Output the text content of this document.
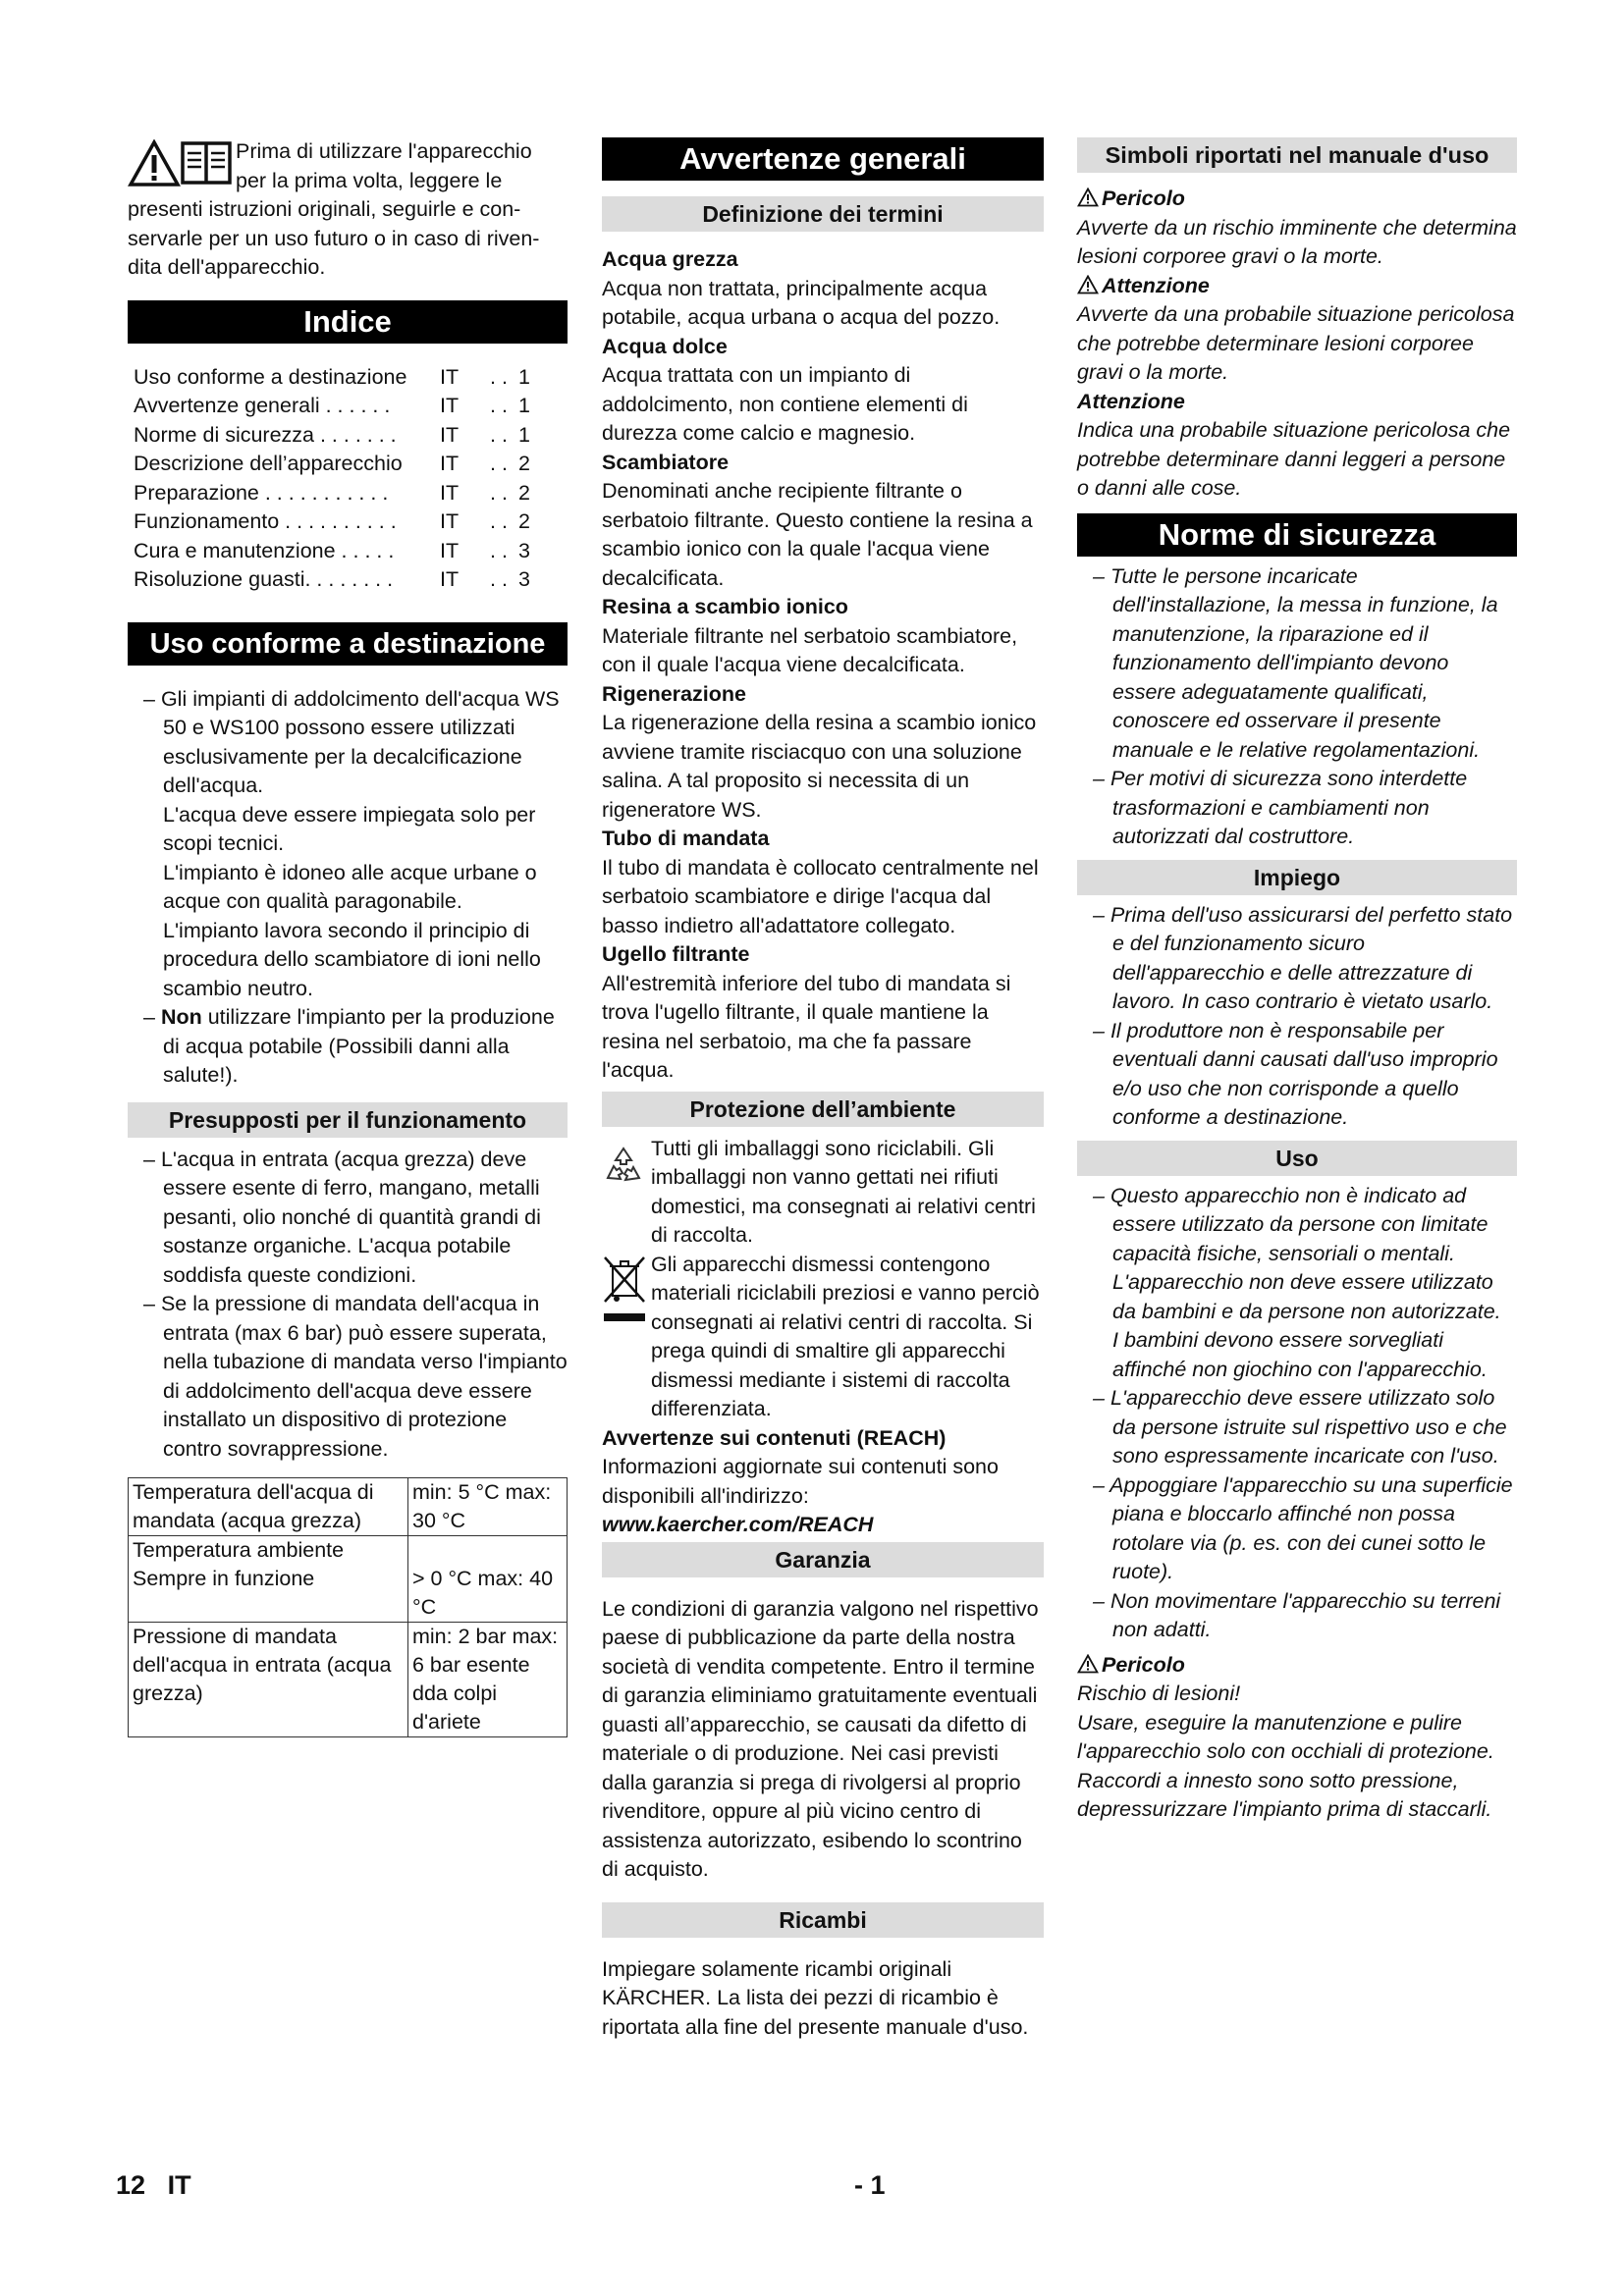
Prima di utilizzare l'apparecchio
per la prima volta, leggere le

presenti istruzioni originali, seguirle e con- servarle per un uso futuro o in caso di riven- dita dell'apparecchio.

Indice
Uso conforme a destinazione	IT	. . 1
Avvertenze generali . . . . . .	IT	. . 1
Norme di sicurezza . . . . . . .	IT	. . 1
Descrizione dell’apparecchio	IT	. . 2
Preparazione . . . . . . . . . . .	IT	. . 2
Funzionamento . . . . . . . . . .	IT	. . 2
Cura e manutenzione . . . . .	IT	. . 3
Risoluzione guasti. . . . . . . .	IT	. . 3
Uso conforme a destinazione

– Gli impianti di addolcimento dell'acqua WS 50 e WS100 possono essere utilizzati esclusivamente per la decalcificazione dell'acqua.

L'acqua deve essere impiegata solo per scopi tecnici.

L'impianto è idoneo alle acque urbane o acque con qualità paragonabile.

L'impianto lavora secondo il principio di procedura dello scambiatore di ioni nello scambio neutro.

– Non utilizzare l'impianto per la produzione di acqua potabile (Possibili danni alla salute!).

Presupposti per il funzionamento

– L'acqua in entrata (acqua grezza) deve essere esente di ferro, mangano, metalli pesanti, olio nonché di quantità grandi di sostanze organiche. L'acqua potabile soddisfa queste condizioni.

– Se la pressione di mandata dell'acqua in entrata (max 6 bar) può essere superata, nella tubazione di mandata verso l'impianto di addolcimento dell'acqua deve essere installato un dispositivo di protezione contro sovrappressione.

Temperatura dell'acqua di mandata (acqua grezza)	min: 5 °C max: 30 °C
Temperatura ambiente Sempre in funzione	> 0 °C max: 40 °C
Pressione di mandata dell'acqua in entrata (acqua grezza)	min: 2 bar max: 6 bar esente dda colpi d'ariete
Avvertenze generali
Definizione dei termini

Acqua grezza

Acqua non trattata, principalmente acqua potabile, acqua urbana o acqua del pozzo.

Acqua dolce

Acqua trattata con un impianto di addolcimento, non contiene elementi di durezza come calcio e magnesio.

Scambiatore

Denominati anche recipiente filtrante o serbatoio filtrante. Questo contiene la resina a scambio ionico con la quale l'acqua viene decalcificata.

Resina a scambio ionico

Materiale filtrante nel serbatoio scambiatore, con il quale l'acqua viene decalcificata.

Rigenerazione

La rigenerazione della resina a scambio ionico avviene tramite risciacquo con una soluzione salina. A tal proposito si necessita di un rigeneratore WS.

Tubo di mandata

Il tubo di mandata è collocato centralmente nel serbatoio scambiatore e dirige l'acqua dal basso indietro all'adattatore collegato.

Ugello filtrante

All'estremità inferiore del tubo di mandata si trova l'ugello filtrante, il quale mantiene la resina nel serbatoio, ma che fa passare l'acqua.

Protezione dell’ambiente

Tutti gli imballaggi sono riciclabili. Gli imballaggi non vanno gettati nei rifiuti domestici, ma consegnati ai relativi centri di raccolta.

Gli apparecchi dismessi contengono materiali riciclabili preziosi e vanno perciò consegnati ai relativi centri di raccolta. Si prega quindi di smaltire gli apparecchi dismessi mediante i sistemi di raccolta differenziata.

Avvertenze sui contenuti (REACH)

Informazioni aggiornate sui contenuti sono disponibili all'indirizzo:

www.kaercher.com/REACH

Garanzia

Le condizioni di garanzia valgono nel rispettivo paese di pubblicazione da parte della nostra società di vendita competente. Entro il termine di garanzia eliminiamo gratuitamente eventuali guasti all’apparecchio, se causati da difetto di materiale o di produzione. Nei casi previsti dalla garanzia si prega di rivolgersi al proprio rivenditore, oppure al più vicino centro di assistenza autorizzato, esibendo lo scontrino di acquisto.

Ricambi

Impiegare solamente ricambi originali KÄRCHER. La lista dei pezzi di ricambio è riportata alla fine del presente manuale d'uso.

Simboli riportati nel manuale d'uso

Pericolo

Avverte da un rischio imminente che determina lesioni corporee gravi o la morte.

Attenzione

Avverte da una probabile situazione pericolosa che potrebbe determinare lesioni corporee gravi o la morte.

Attenzione

Indica una probabile situazione pericolosa che potrebbe determinare danni leggeri a persone o danni alle cose.

Norme di sicurezza

– Tutte le persone incaricate dell'installazione, la messa in funzione, la manutenzione, la riparazione ed il funzionamento dell'impianto devono essere adeguatamente qualificati, conoscere ed osservare il presente manuale e le relative regolamentazioni.

– Per motivi di sicurezza sono interdette trasformazioni e cambiamenti non autorizzati dal costruttore.

Impiego

– Prima dell'uso assicurarsi del perfetto stato e del funzionamento sicuro dell'apparecchio e delle attrezzature di lavoro. In caso contrario è vietato usarlo.

– Il produttore non è responsabile per eventuali danni causati dall'uso improprio e/o uso che non corrisponde a quello conforme a destinazione.

Uso

– Questo apparecchio non è indicato ad essere utilizzato da persone con limitate capacità fisiche, sensoriali o mentali.

L'apparecchio non deve essere utilizzato da bambini e da persone non autorizzate.

I bambini devono essere sorvegliati affinché non giochino con l'apparecchio.

– L'apparecchio deve essere utilizzato solo da persone istruite sul rispettivo uso e che sono espressamente incaricate con l'uso.

– Appoggiare l'apparecchio su una superficie piana e bloccarlo affinché non possa rotolare via (p. es. con dei cunei sotto le ruote).

– Non movimentare l'apparecchio su terreni non adatti.

Pericolo

Rischio di lesioni!

Usare, eseguire la manutenzione e pulire l'apparecchio solo con occhiali di protezione.

Raccordi a innesto sono sotto pressione, depressurizzare l'impianto prima di staccarli.

12 IT	- 1
